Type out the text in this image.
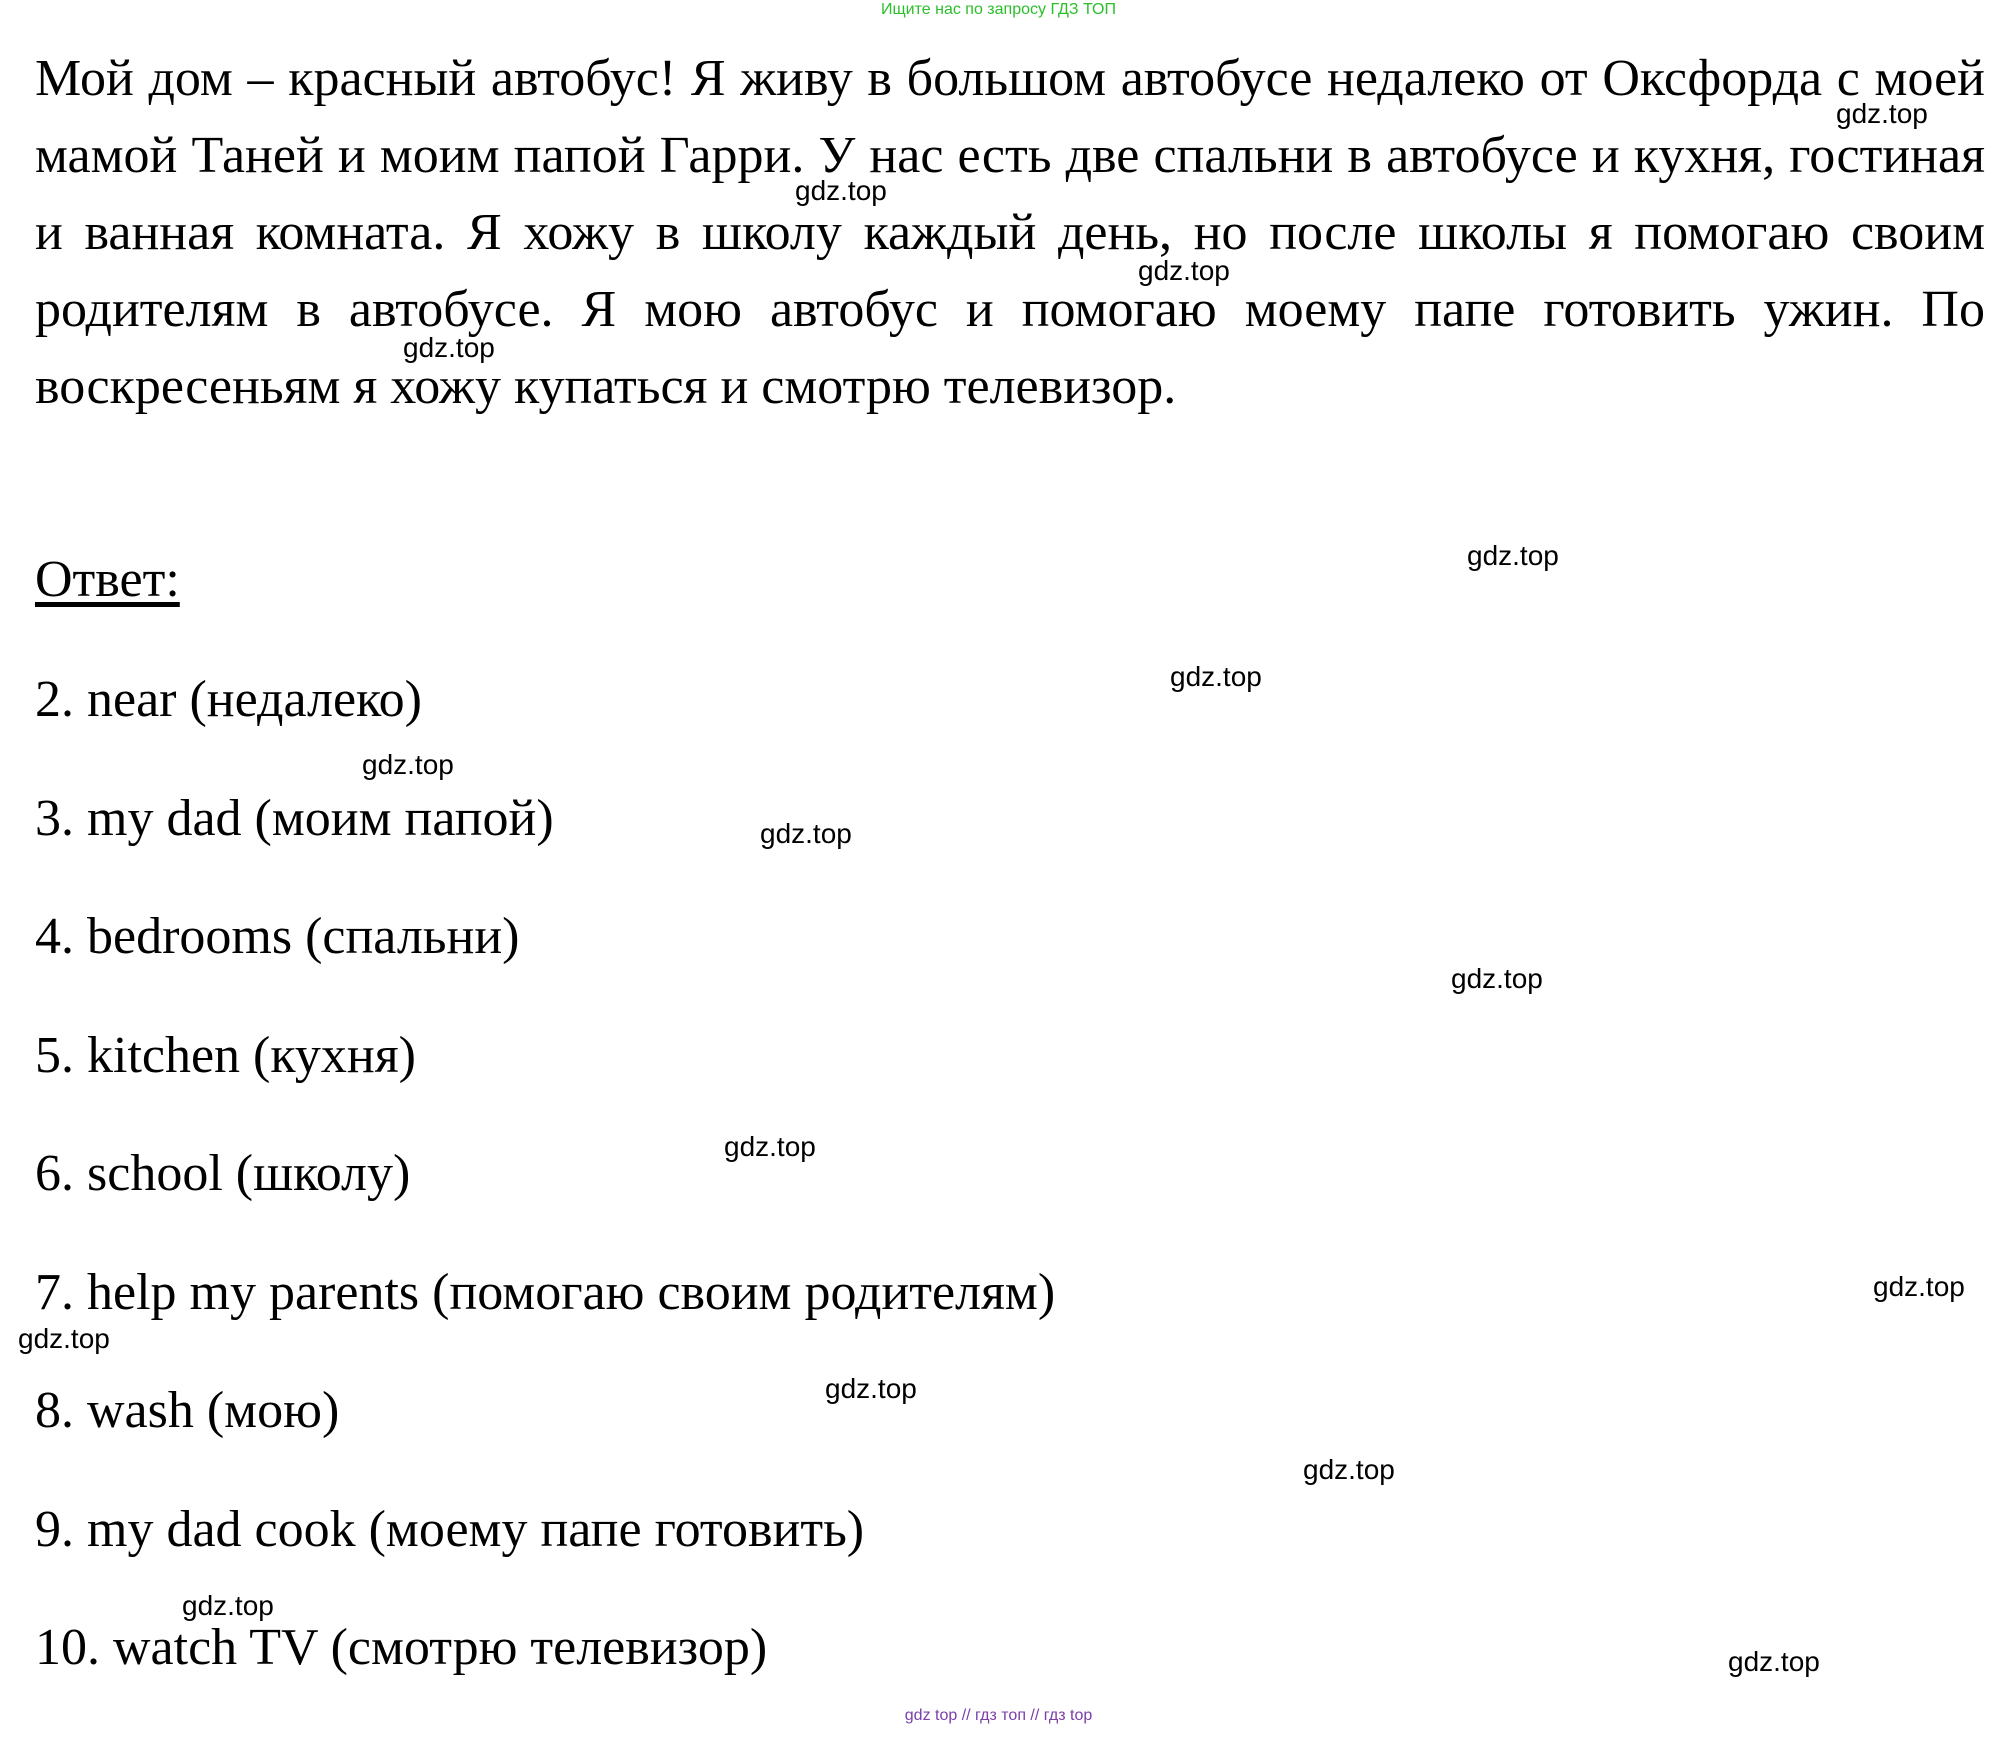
Ищите нас по запросу ГДЗ ТОП

Мой дом – красный автобус! Я живу в большом автобусе недалеко от Оксфорда с моей мамой Таней и моим папой Гарри. У нас есть две спальни в автобусе и кухня, гостиная и ванная комната. Я хожу в школу каждый день, но после школы я помогаю своим родителям в автобусе. Я мою автобус и помогаю моему папе готовить ужин. По воскресеньям я хожу купаться и смотрю телевизор.

Ответ:
2. near (недалеко)
3. my dad (моим папой)
4. bedrooms (спальни)
5. kitchen (кухня)
6. school (школу)
7. help my parents (помогаю своим родителям)
8. wash (мою)
9. my dad cook (моему папе готовить)
10. watch TV (смотрю телевизор)
gdz.top
gdz.top
gdz.top
gdz.top
gdz.top
gdz.top
gdz.top
gdz.top
gdz.top
gdz.top
gdz.top
gdz.top
gdz.top
gdz.top
gdz.top
gdz.top
gdz top // гдз топ // гдз top
